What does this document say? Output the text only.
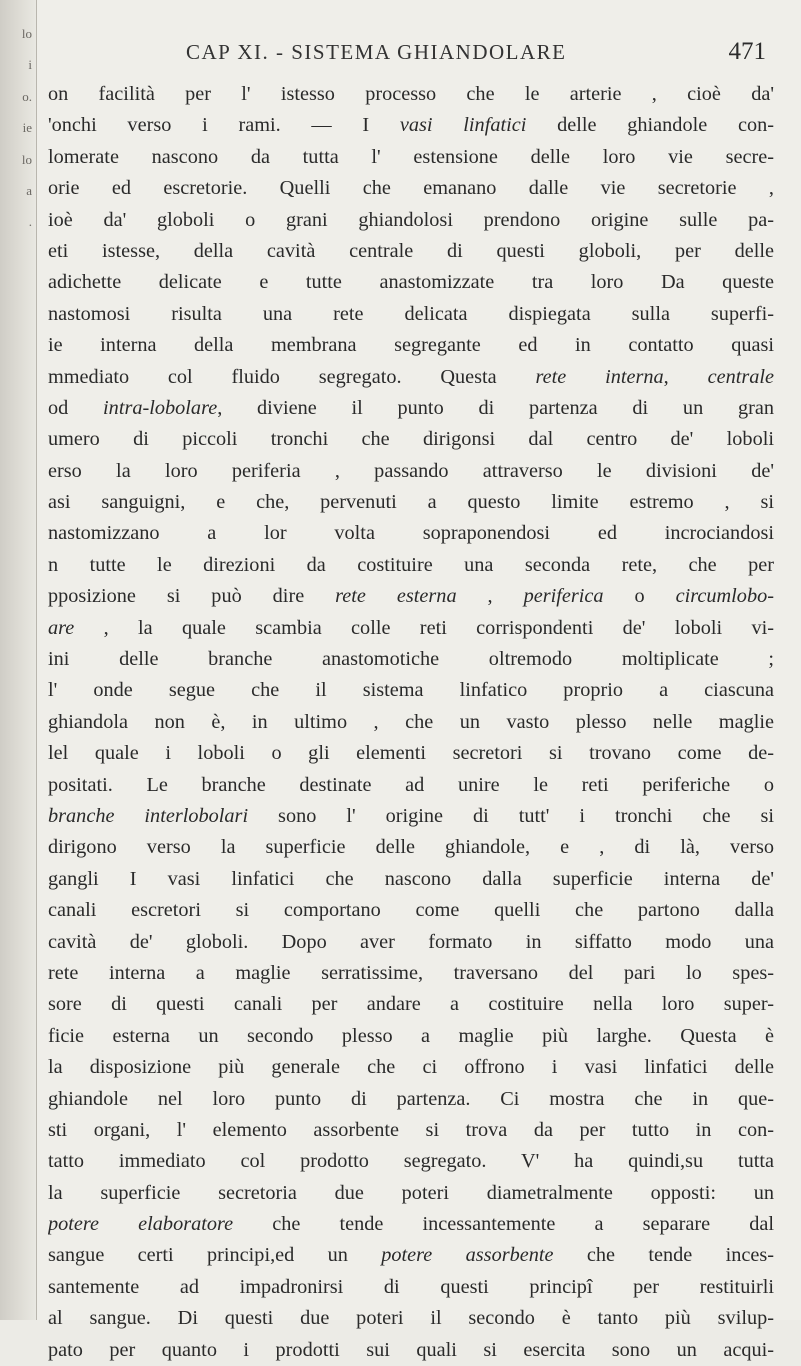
lo
i
o.
ie
lo
a
.
CAP XI. - SISTEMA GHIANDOLARE	471
on facilità per l' istesso processo che le arterie , cioè da'
'onchi verso i rami. — I vasi linfatici delle ghiandole con-
lomerate nascono da tutta l' estensione delle loro vie secre-
orie ed escretorie. Quelli che emanano dalle vie secretorie ,
ioè da' globoli o grani ghiandolosi prendono origine sulle pa-
eti istesse, della cavità centrale di questi globoli, per delle
adichette delicate e tutte anastomizzate tra loro Da queste
nastomosi risulta una rete delicata dispiegata sulla superfi-
ie interna della membrana segregante ed in contatto quasi
mmediato col fluido segregato. Questa rete interna, centrale
od intra-lobolare, diviene il punto di partenza di un gran
umero di piccoli tronchi che dirigonsi dal centro de' loboli
erso la loro periferia , passando attraverso le divisioni de'
asi sanguigni, e che, pervenuti a questo limite estremo , si
nastomizzano a lor volta sopraponendosi ed incrociandosi
n tutte le direzioni da costituire una seconda rete, che per
pposizione si può dire rete esterna , periferica o circumlobo-
are , la quale scambia colle reti corrispondenti de' loboli vi-
ini delle branche anastomotiche oltremodo moltiplicate ;
l' onde segue che il sistema linfatico proprio a ciascuna
ghiandola non è, in ultimo , che un vasto plesso nelle maglie
lel quale i loboli o gli elementi secretori si trovano come de-
positati. Le branche destinate ad unire le reti periferiche o
branche interlobolari sono l' origine di tutt' i tronchi che si
dirigono verso la superficie delle ghiandole, e , di là, verso
gangli I vasi linfatici che nascono dalla superficie interna de'
canali escretori si comportano come quelli che partono dalla
cavità de' globoli. Dopo aver formato in siffatto modo una
rete interna a maglie serratissime, traversano del pari lo spes-
sore di questi canali per andare a costituire nella loro super-
ficie esterna un secondo plesso a maglie più larghe. Questa è
la disposizione più generale che ci offrono i vasi linfatici delle
ghiandole nel loro punto di partenza. Ci mostra che in que-
sti organi, l' elemento assorbente si trova da per tutto in con-
tatto immediato col prodotto segregato. V' ha quindi,su tutta
la superficie secretoria due poteri diametralmente opposti: un
potere elaboratore che tende incessantemente a separare dal
sangue certi principi,ed un potere assorbente che tende inces-
santemente ad impadronirsi di questi principî per restituirli
al sangue. Di questi due poteri il secondo è tanto più svilup-
pato per quanto i prodotti sui quali si esercita sono un acqui-
